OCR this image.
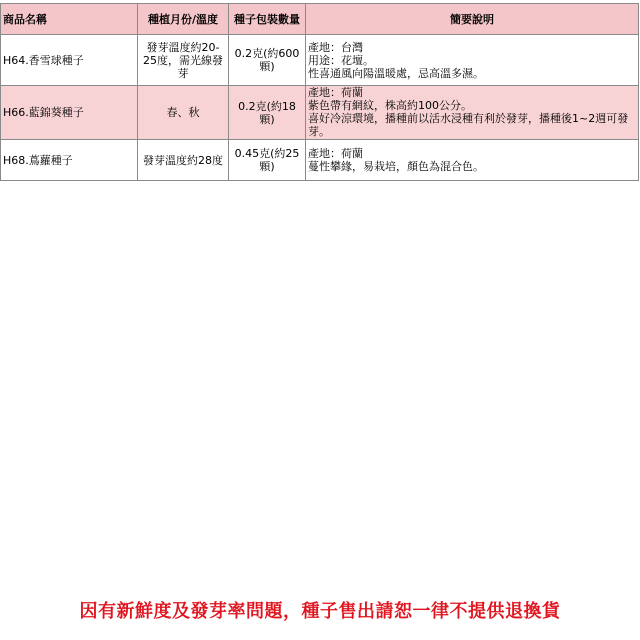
商品名稱	種植月份/溫度	種子包裝數量	簡要說明
H64.香雪球種子	發芽溫度約20-25度，需光線發芽	0.2克(約600顆)	產地：台灣
用途：花壇。
性喜通風向陽溫暖處，忌高溫多濕。

H66.藍錦葵種子	春、秋	0.2克(約18顆)	產地：荷蘭
紫色帶有網紋，株高約100公分。
喜好冷涼環境，播種前以活水浸種有利於發芽，播種後1~2週可發芽。

H68.蔦蘿種子	發芽溫度約28度	0.45克(約25顆)	產地：荷蘭
蔓性攀緣，易栽培，顏色為混合色。
因有新鮮度及發芽率問題，種子售出請恕一律不提供退換貨
